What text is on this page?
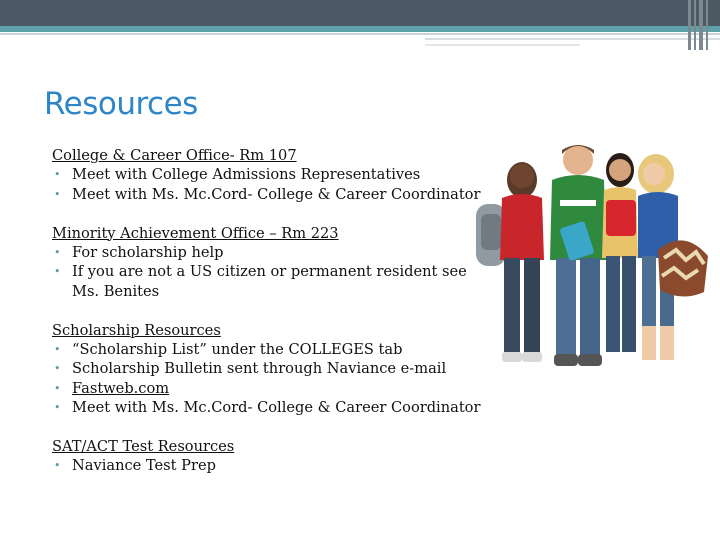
Resources
College & Career Office- Rm 107
• Meet with College Admissions Representatives
• Meet with Ms. Mc.Cord- College & Career Coordinator
Minority Achievement Office – Rm 223
• For scholarship help
• If you are not a US citizen or permanent resident see Ms. Benites
Scholarship Resources
• “Scholarship List” under the COLLEGES tab
• Scholarship Bulletin sent through Naviance e-mail
• Fastweb.com
• Meet with Ms. Mc.Cord- College & Career Coordinator
SAT/ACT Test Resources
• Naviance Test Prep
